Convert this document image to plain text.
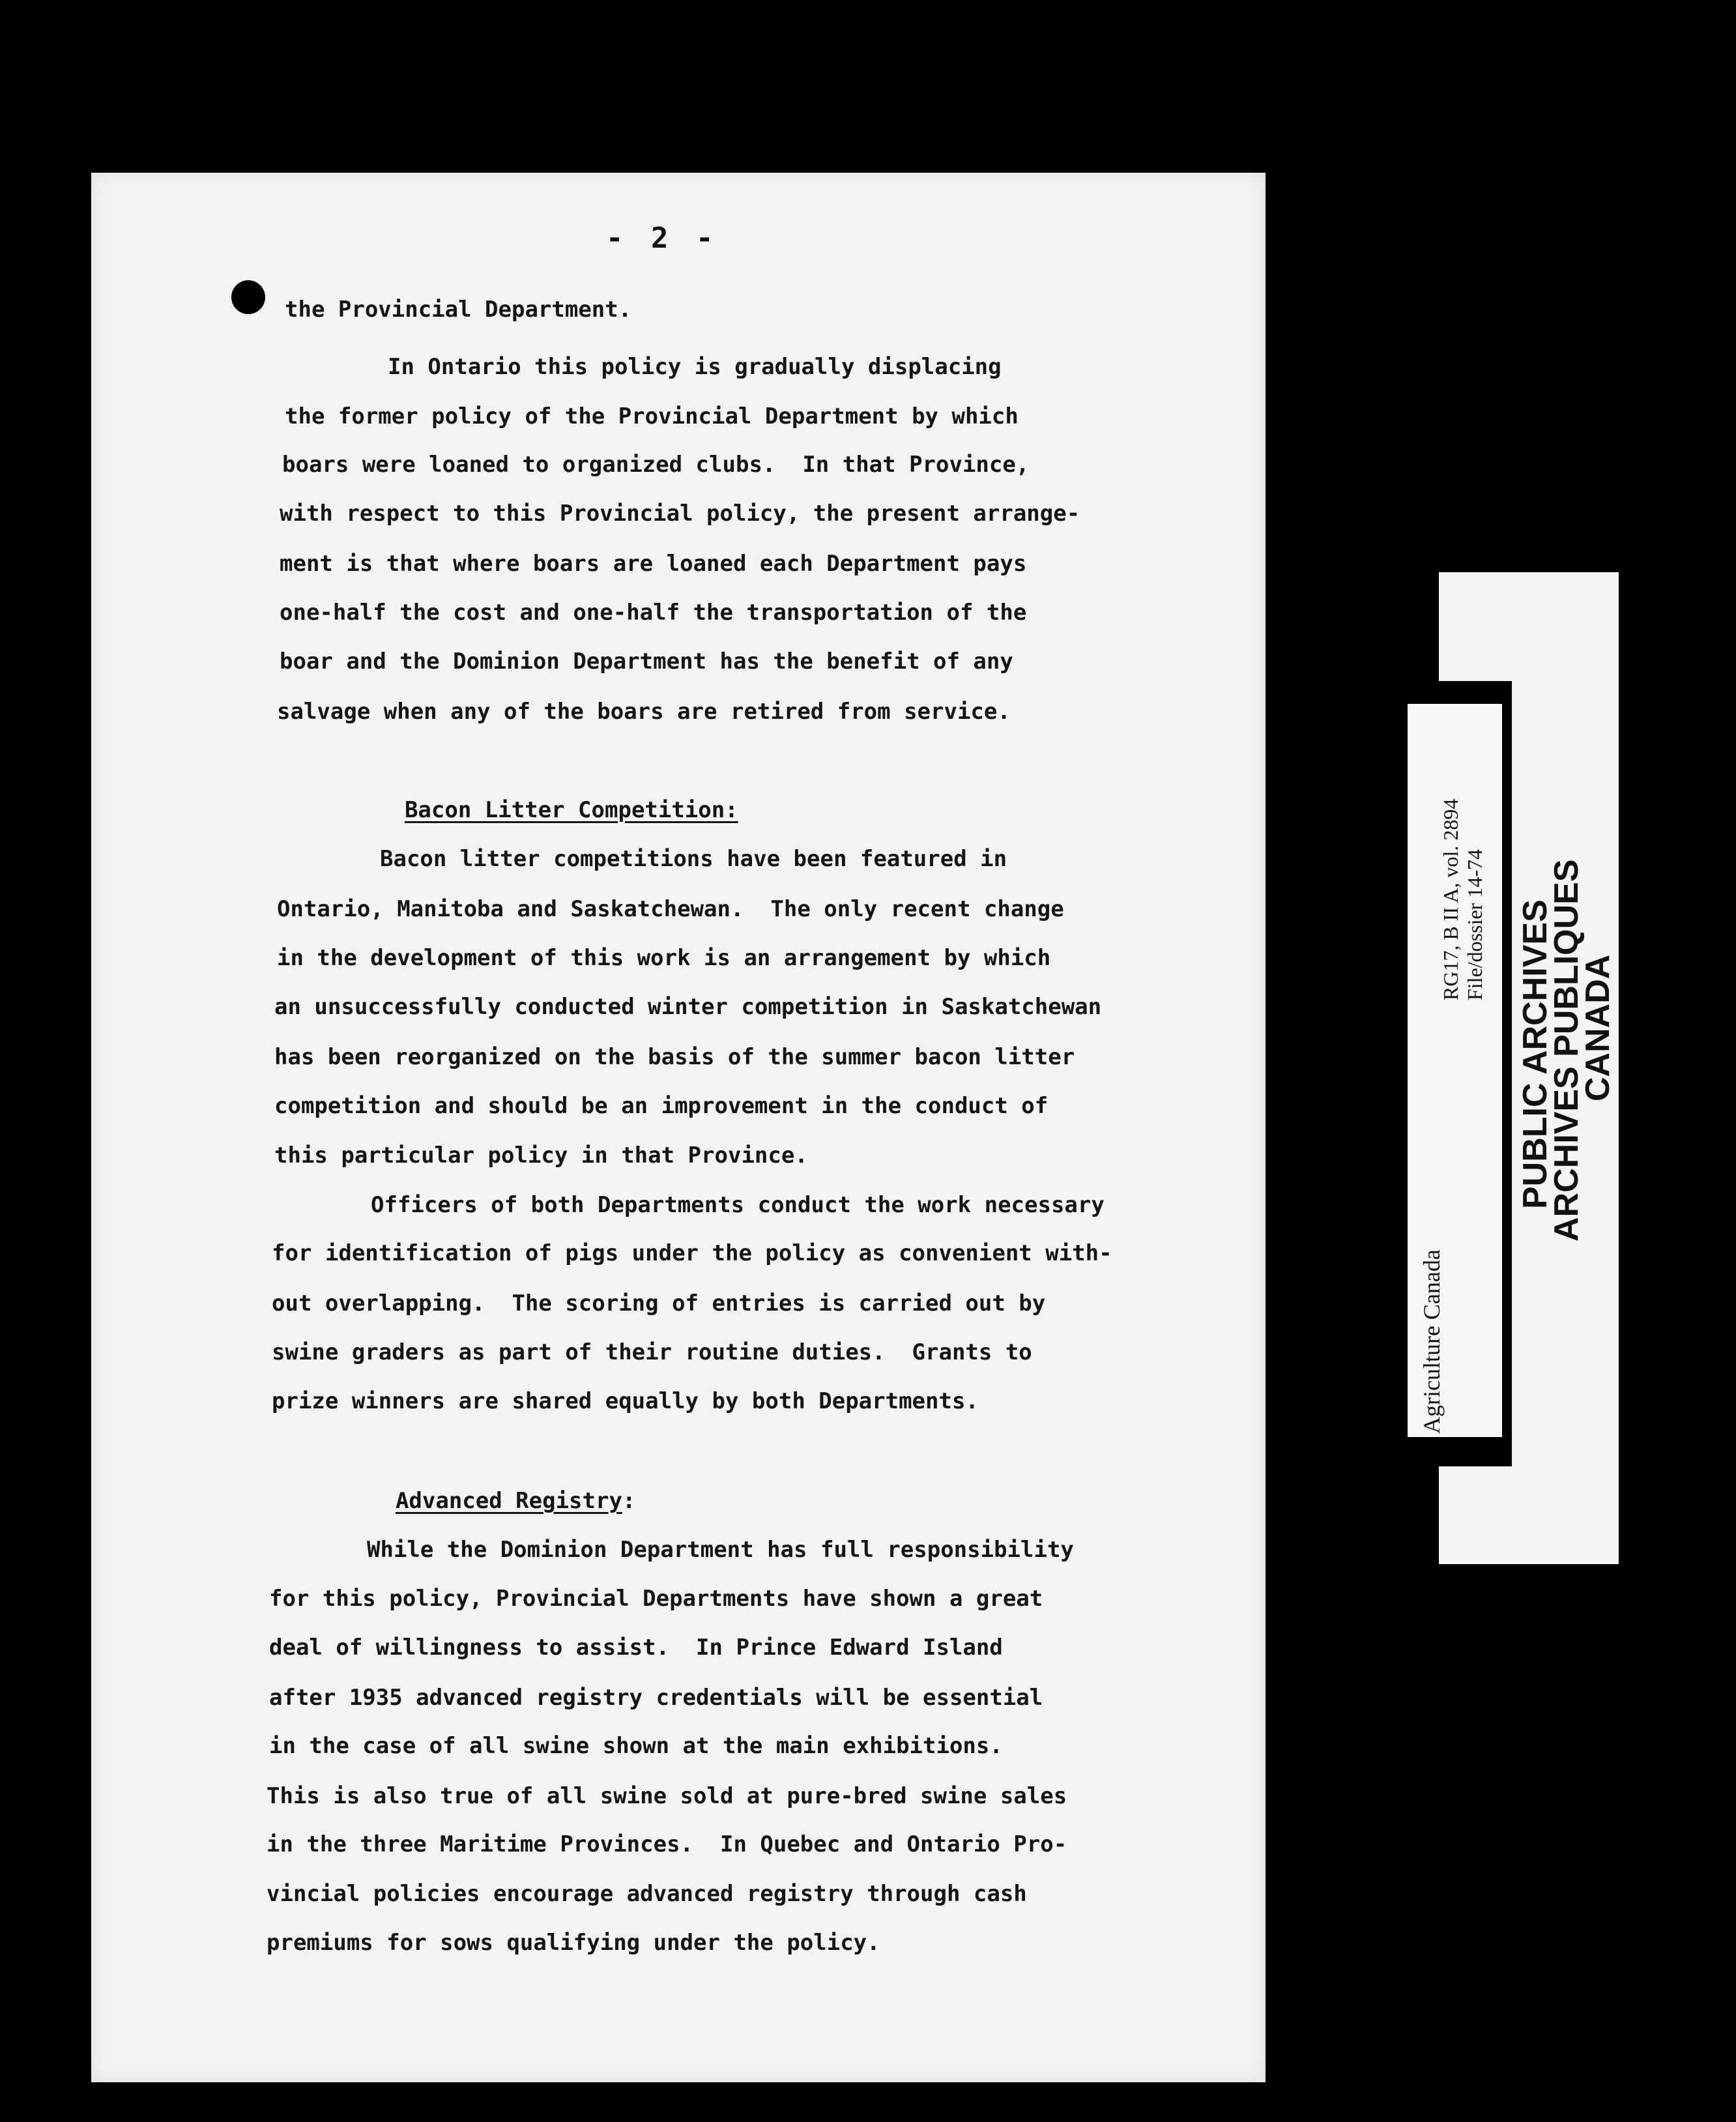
- 2 -
the Provincial Department.
In Ontario this policy is gradually displacing
the former policy of the Provincial Department by which
boars were loaned to organized clubs.  In that Province,
with respect to this Provincial policy, the present arrange-
ment is that where boars are loaned each Department pays
one-half the cost and one-half the transportation of the
boar and the Dominion Department has the benefit of any
salvage when any of the boars are retired from service.

Bacon Litter Competition:

Bacon litter competitions have been featured in
Ontario, Manitoba and Saskatchewan.  The only recent change
in the development of this work is an arrangement by which
an unsuccessfully conducted winter competition in Saskatchewan
has been reorganized on the basis of the summer bacon litter
competition and should be an improvement in the conduct of
this particular policy in that Province.
Officers of both Departments conduct the work necessary
for identification of pigs under the policy as convenient with-
out overlapping.  The scoring of entries is carried out by
swine graders as part of their routine duties.  Grants to
prize winners are shared equally by both Departments.

Advanced Registry:

While the Dominion Department has full responsibility
for this policy, Provincial Departments have shown a great
deal of willingness to assist.  In Prince Edward Island
after 1935 advanced registry credentials will be essential
in the case of all swine shown at the main exhibitions.
This is also true of all swine sold at pure-bred swine sales
in the three Maritime Provinces.  In Quebec and Ontario Pro-
vincial policies encourage advanced registry through cash
premiums for sows qualifying under the policy.
Agriculture Canada
RG17, B II A, vol. 2894 File/dossier 14-74 PUBLIC ARCHIVES
ARCHIVES PUBLIQUES
CANADA
